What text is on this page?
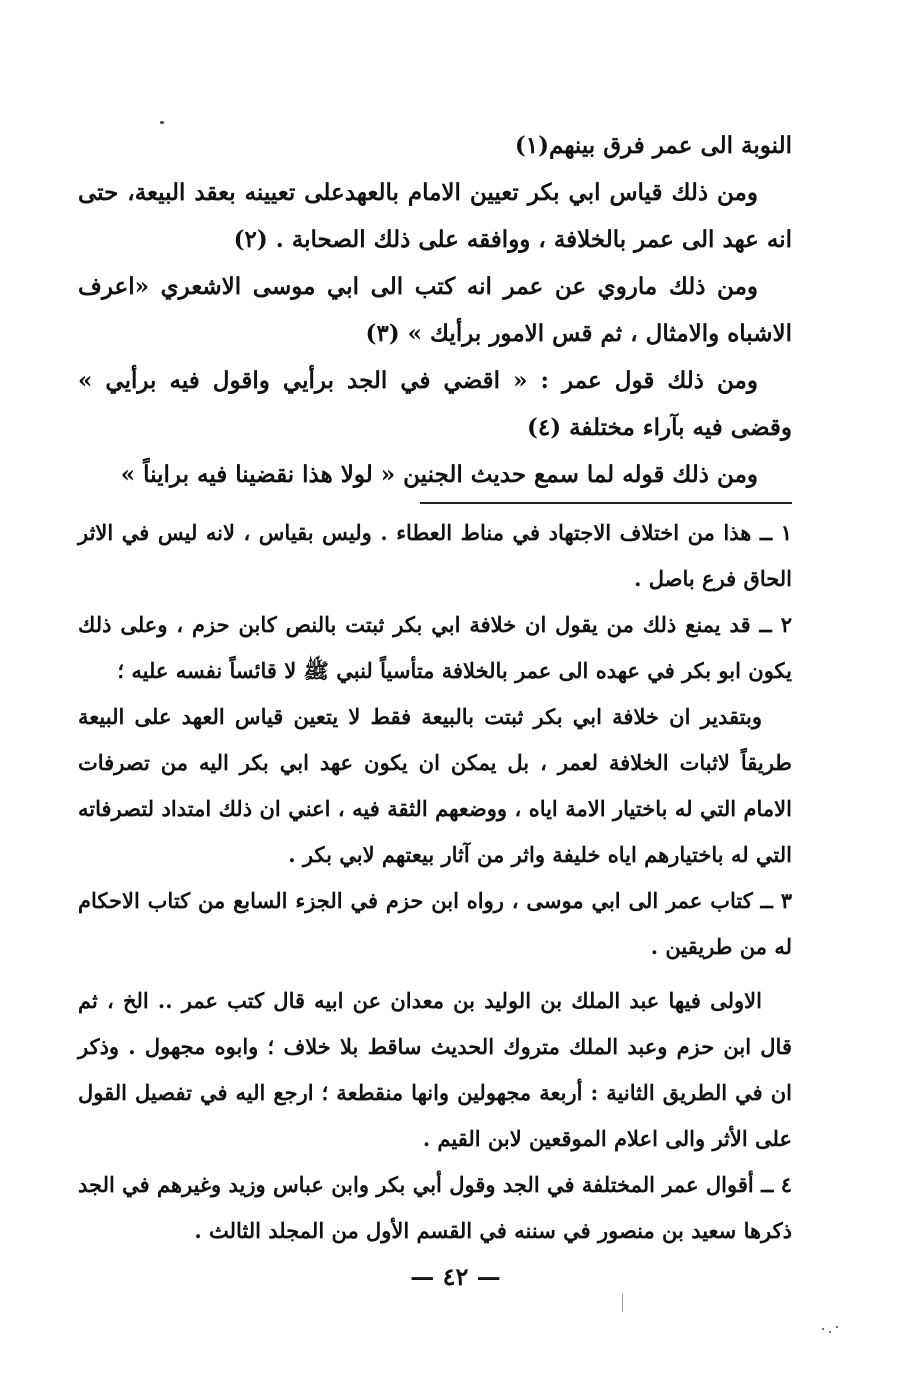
النوبة الى عمر فرق بينهم(١)

ومن ذلك قياس ابي بكر تعيين الامام بالعهدعلى تعيينه بعقد البيعة، حتى انه عهد الى عمر بالخلافة ، ووافقه على ذلك الصحابة . (٢)

ومن ذلك ماروي عن عمر انه كتب الى ابي موسى الاشعري «اعرف الاشباه والامثال ، ثم قس الامور برأيك » (٣)

ومن ذلك قول عمر : « اقضي في الجد برأيي واقول فيه برأيي » وقضى فيه بآراء مختلفة (٤)

ومن ذلك قوله لما سمع حديث الجنين « لولا هذا نقضينا فيه برايناً »

١ ــ هذا من اختلاف الاجتهاد في مناط العطاء . وليس بقياس ، لانه ليس في الاثر الحاق فرع باصل .

٢ ــ قد يمنع ذلك من يقول ان خلافة ابي بكر ثبتت بالنص كابن حزم ، وعلى ذلك يكون ابو بكر في عهده الى عمر بالخلافة متأسياً لنبي ﷺ لا قائساً نفسه عليه ؛

وبتقدير ان خلافة ابي بكر ثبتت بالبيعة فقط لا يتعين قياس العهد على البيعة طريقاً لاثبات الخلافة لعمر ، بل يمكن ان يكون عهد ابي بكر اليه من تصرفات الامام التي له باختيار الامة اياه ، ووضعهم الثقة فيه ، اعني ان ذلك امتداد لتصرفاته التي له باختيارهم اياه خليفة واثر من آثار بيعتهم لابي بكر .

٣ ــ كتاب عمر الى ابي موسى ، رواه ابن حزم في الجزء السابع من كتاب الاحكام له من طريقين .

الاولى فيها عبد الملك بن الوليد بن معدان عن ابيه قال كتب عمر .. الخ ، ثم قال ابن حزم وعبد الملك متروك الحديث ساقط بلا خلاف ؛ وابوه مجهول . وذكر ان في الطريق الثانية : أربعة مجهولين وانها منقطعة ؛ ارجع اليه في تفصيل القول على الأثر والى اعلام الموقعين لابن القيم .

٤ ــ أقوال عمر المختلفة في الجد وقول أبي بكر وابن عباس وزيد وغيرهم في الجد ذكرها سعيد بن منصور في سننه في القسم الأول من المجلد الثالث .

— ٤٢ —
